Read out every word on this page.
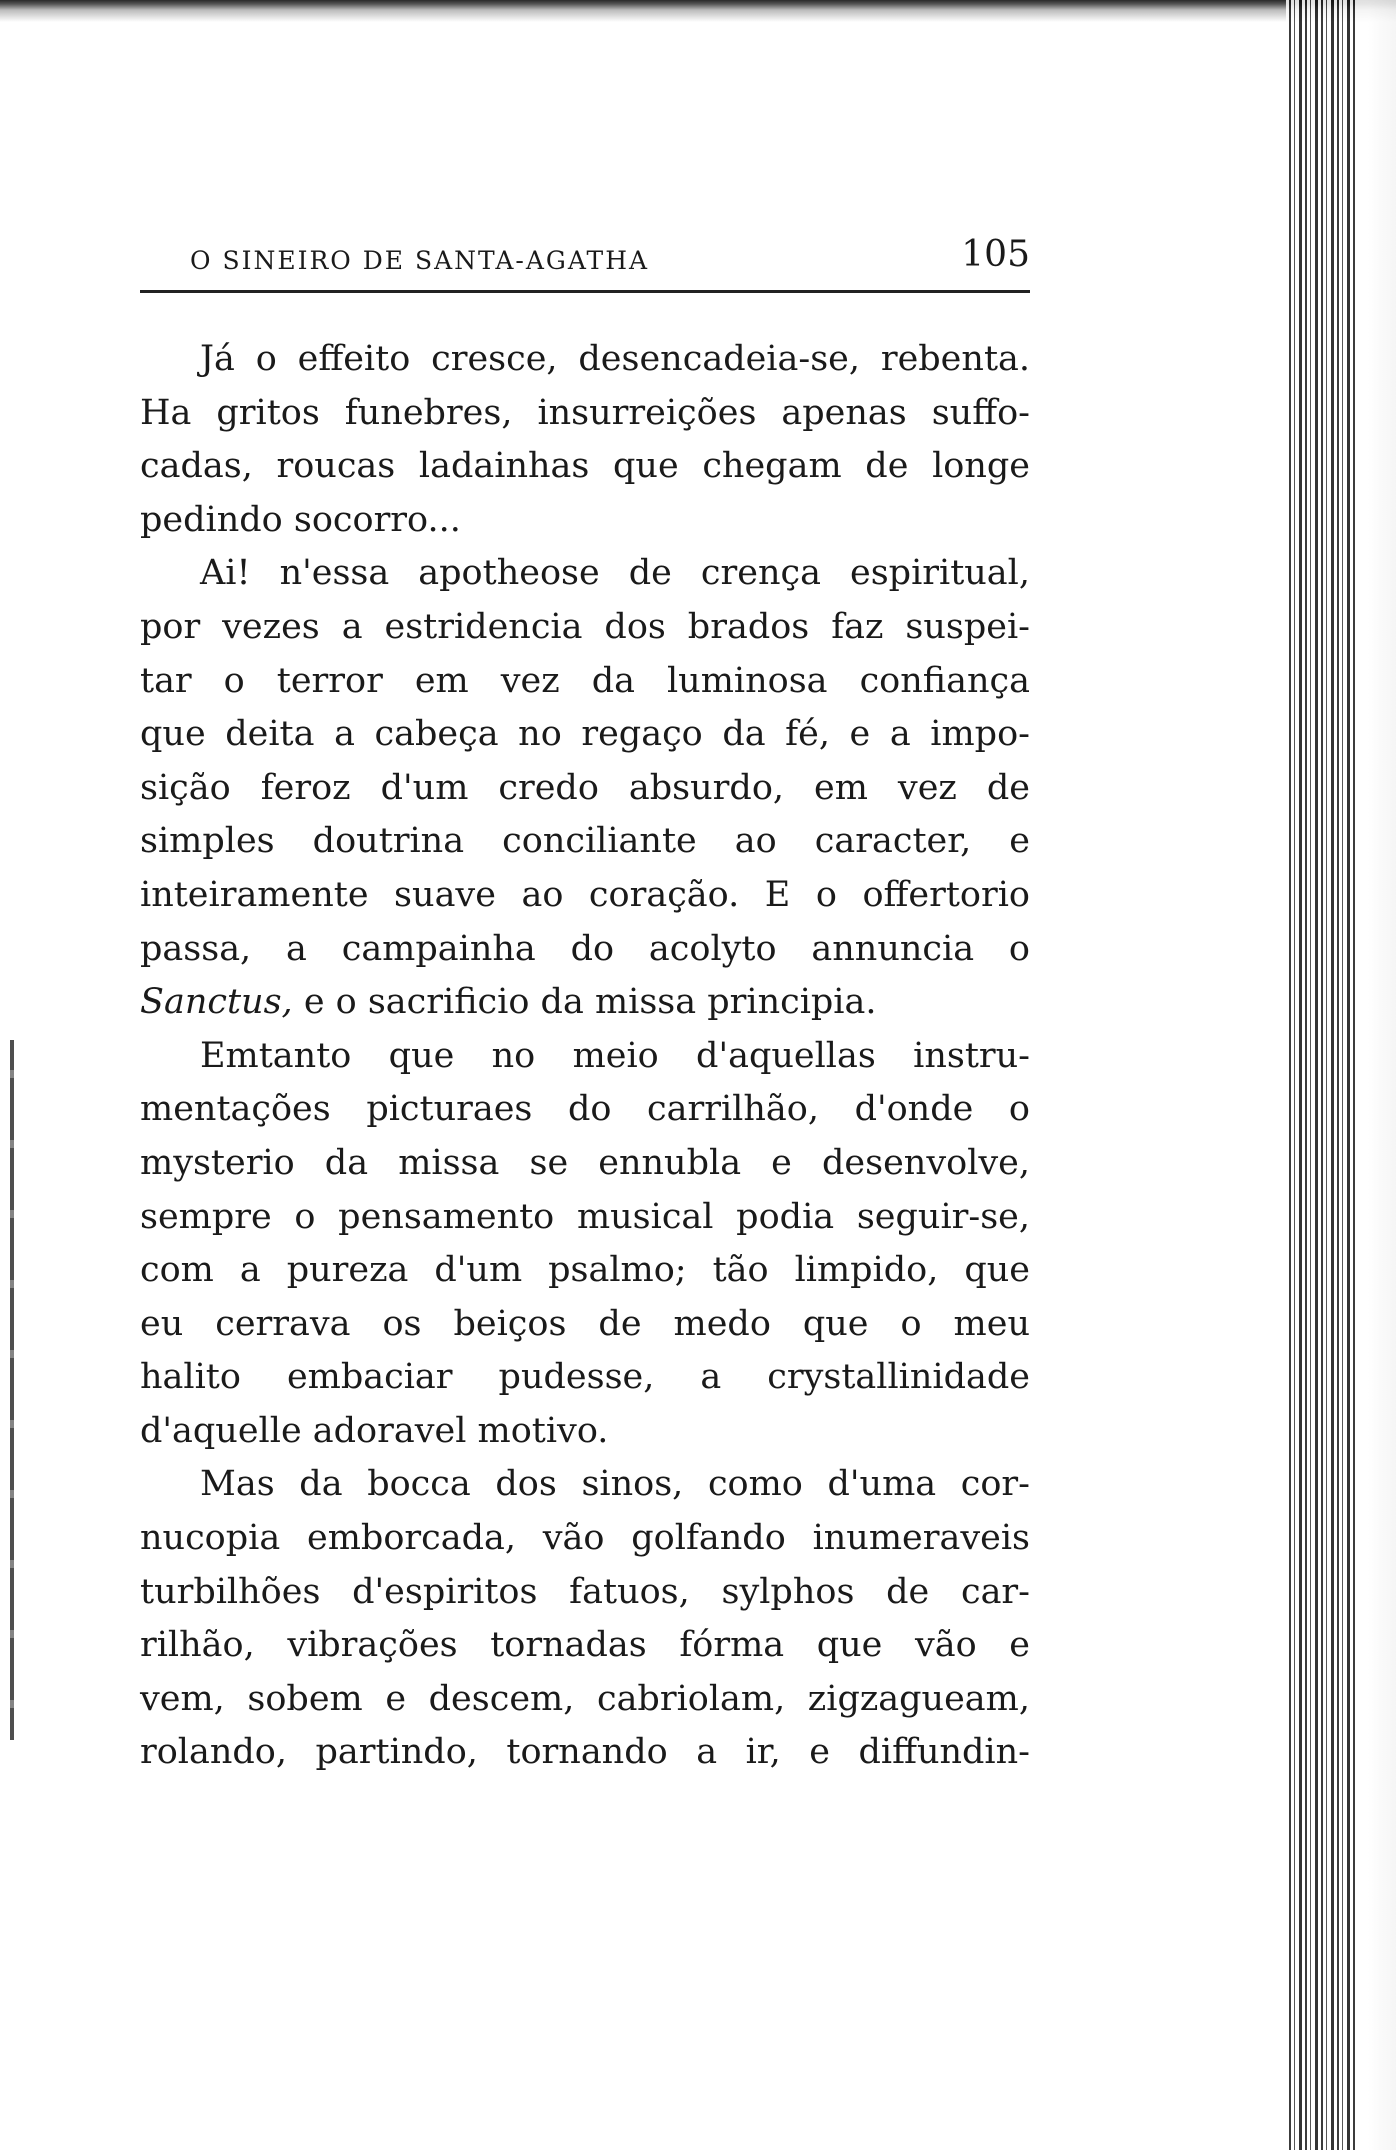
O SINEIRO DE SANTA-AGATHA	105

Já o effeito cresce, desencadeia-se, rebenta.
Ha gritos funebres, insurreições apenas suffo-
cadas, roucas ladainhas que chegam de longe
pedindo socorro...

Ai! n'essa apotheose de crença espiritual,
por vezes a estridencia dos brados faz suspei-
tar o terror em vez da luminosa confiança
que deita a cabeça no regaço da fé, e a impo-
sição feroz d'um credo absurdo, em vez de
simples doutrina conciliante ao caracter, e
inteiramente suave ao coração. E o offertorio
passa, a campainha do acolyto annuncia o
Sanctus, e o sacrificio da missa principia.

Emtanto que no meio d'aquellas instru-
mentações picturaes do carrilhão, d'onde o
mysterio da missa se ennubla e desenvolve,
sempre o pensamento musical podia seguir-se,
com a pureza d'um psalmo; tão limpido, que
eu cerrava os beiços de medo que o meu
halito embaciar pudesse, a crystallinidade
d'aquelle adoravel motivo.

Mas da bocca dos sinos, como d'uma cor-
nucopia emborcada, vão golfando inumeraveis
turbilhões d'espiritos fatuos, sylphos de car-
rilhão, vibrações tornadas fórma que vão e
vem, sobem e descem, cabriolam, zigzagueam,
rolando, partindo, tornando a ir, e diffundin-
